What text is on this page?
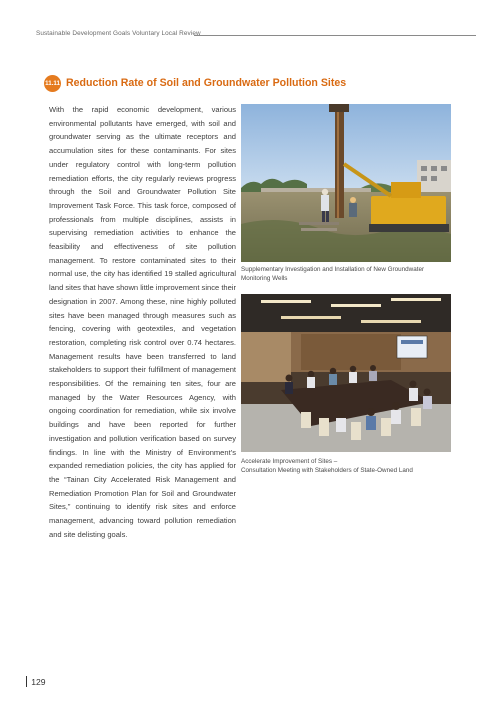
Sustainable Development Goals Voluntary Local Review
11.11 Reduction Rate of Soil and Groundwater Pollution Sites
With the rapid economic development, various environmental pollutants have emerged, with soil and groundwater serving as the ultimate receptors and accumulation sites for these contaminants. For sites under regulatory control with long-term pollution remediation efforts, the city regularly reviews progress through the Soil and Groundwater Pollution Site Improvement Task Force. This task force, composed of professionals from multiple disciplines, assists in supervising remediation activities to enhance the feasibility and effectiveness of site pollution management. To restore contaminated sites to their normal use, the city has identified 19 stalled agricultural land sites that have shown little improvement since their designation in 2007. Among these, nine highly polluted sites have been managed through measures such as fencing, covering with geotextiles, and vegetation restoration, completing risk control over 0.74 hectares. Management results have been transferred to land stakeholders to support their fulfillment of management responsibilities. Of the remaining ten sites, four are managed by the Water Resources Agency, with ongoing coordination for remediation, while six involve buildings and have been reported for further investigation and pollution verification based on survey findings. In line with the Ministry of Environment’s expanded remediation policies, the city has applied for the “Tainan City Accelerated Risk Management and Remediation Promotion Plan for Soil and Groundwater Sites,” continuing to identify risk sites and enforce management, advancing toward pollution remediation and site delisting goals.
Supplementary Investigation and Installation of New Groundwater Monitoring Wells
Accelerate Improvement of Sites –
Consultation Meeting with Stakeholders of State-Owned Land
129
